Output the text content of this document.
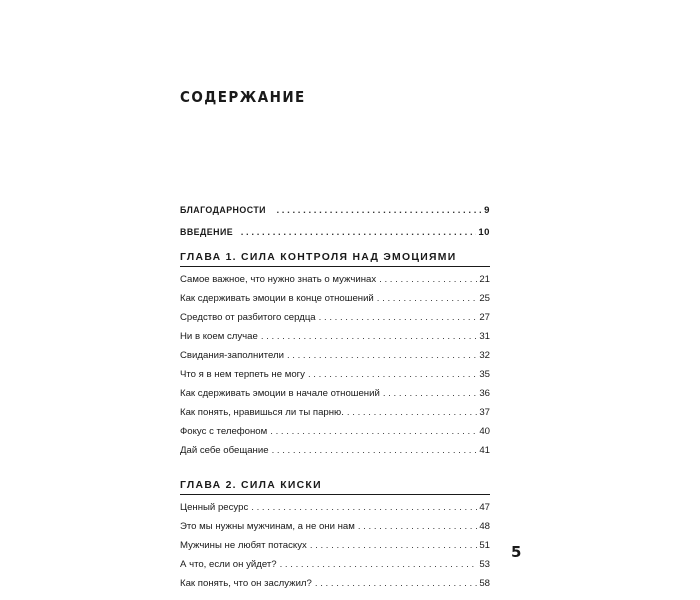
СОДЕРЖАНИЕ
БЛАГОДАРНОСТИ . . .	9
ВВЕДЕНИЕ . . .	10
ГЛАВА 1. СИЛА КОНТРОЛЯ НАД ЭМОЦИЯМИ
Самое важное, что нужно знать о мужчинах . . .	21
Как сдерживать эмоции в конце отношений . . .	25
Средство от разбитого сердца . . .	27
Ни в коем случае . . .	31
Свидания-заполнители . . .	32
Что я в нем терпеть не могу . . .	35
Как сдерживать эмоции в начале отношений . . .	36
Как понять, нравишься ли ты парню. . . .	37
Фокус с телефоном . . .	40
Дай себе обещание . . .	41
ГЛАВА 2. СИЛА КИСКИ
Ценный ресурс . . .	47
Это мы нужны мужчинам, а не они нам . . .	48
Мужчины не любят потаскух . . .	51
А что, если он уйдет? . . .	53
Как понять, что он заслужил? . . .	58
5
